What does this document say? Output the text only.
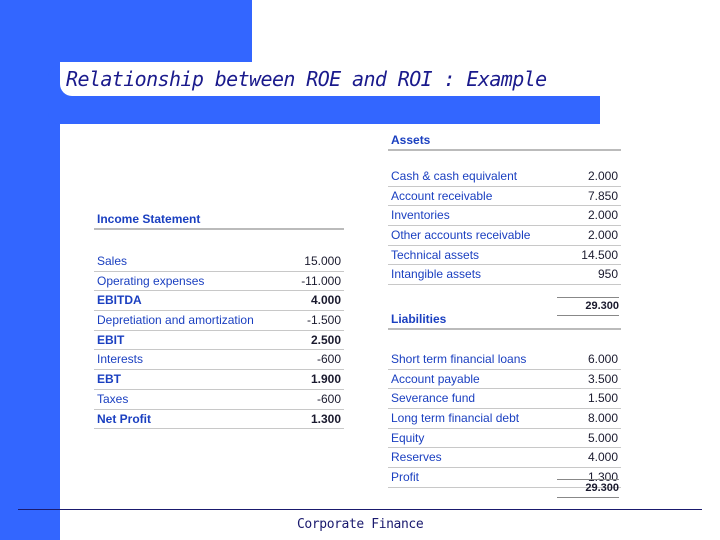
Relationship between ROE and ROI : Example
Income Statement
Sales	15.000
Operating expenses	-11.000
EBITDA	4.000
Depretiation and amortization	-1.500
EBIT	2.500
Interests	-600
EBT	1.900
Taxes	-600
Net Profit	1.300
Assets
Cash & cash equivalent	2.000
Account receivable	7.850
Inventories	2.000
Other accounts receivable	2.000
Technical assets	14.500
Intangible assets	950
29.300
Liabilities
Short term financial loans	6.000
Account payable	3.500
Severance fund	1.500
Long term financial debt	8.000
Equity	5.000
Reserves	4.000
Profit	1.300
29.300
Corporate Finance
